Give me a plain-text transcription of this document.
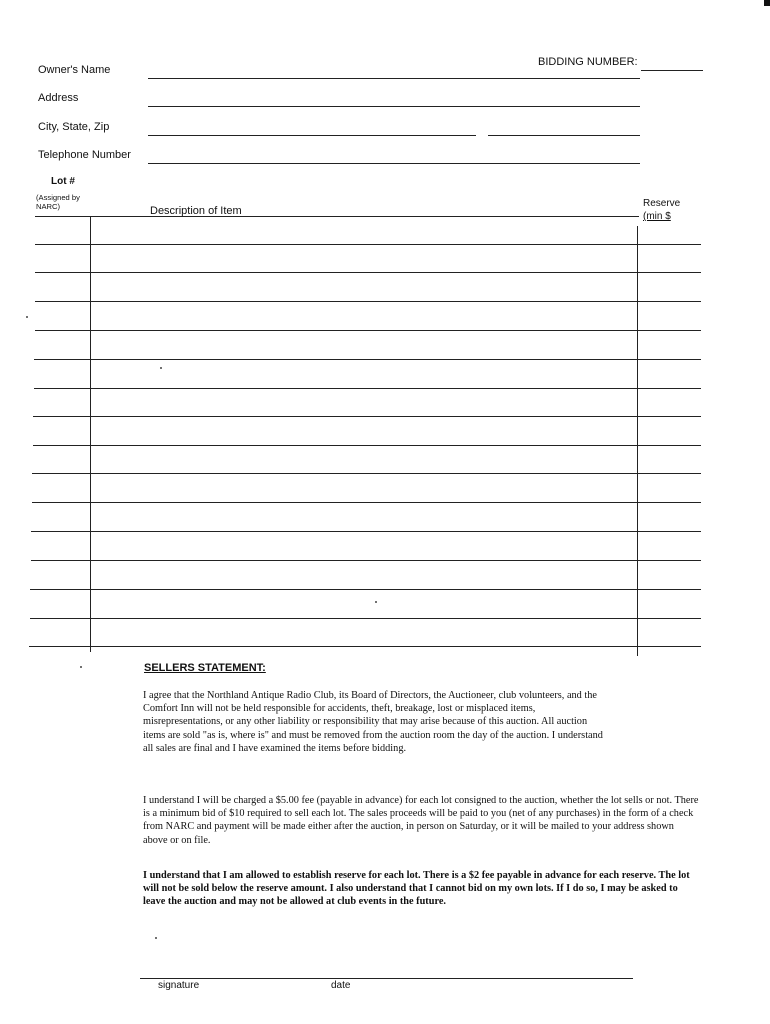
BIDDING NUMBER:
Owner's Name
Address
City, State, Zip
Telephone Number
Lot #
(Assigned by NARC)	Description of Item
Reserve
(min $
SELLERS STATEMENT:
I agree that the Northland Antique Radio Club, its Board of Directors, the Auctioneer, club volunteers, and the Comfort Inn will not be held responsible for accidents, theft, breakage, lost or misplaced items, misrepresentations, or any other liability or responsibility that may arise because of this auction. All auction items are sold "as is, where is" and must be removed from the auction room the day of the auction. I understand all sales are final and I have examined the items before bidding.
I understand I will be charged a $5.00 fee (payable in advance) for each lot consigned to the auction, whether the lot sells or not. There is a minimum bid of $10 required to sell each lot. The sales proceeds will be paid to you (net of any purchases) in the form of a check from NARC and payment will be made either after the auction, in person on Saturday, or it will be mailed to your address shown above or on file.
I understand that I am allowed to establish reserve for each lot. There is a $2 fee payable in advance for each reserve. The lot will not be sold below the reserve amount. I also understand that I cannot bid on my own lots. If I do so, I may be asked to leave the auction and may not be allowed at club events in the future.
signature	date
